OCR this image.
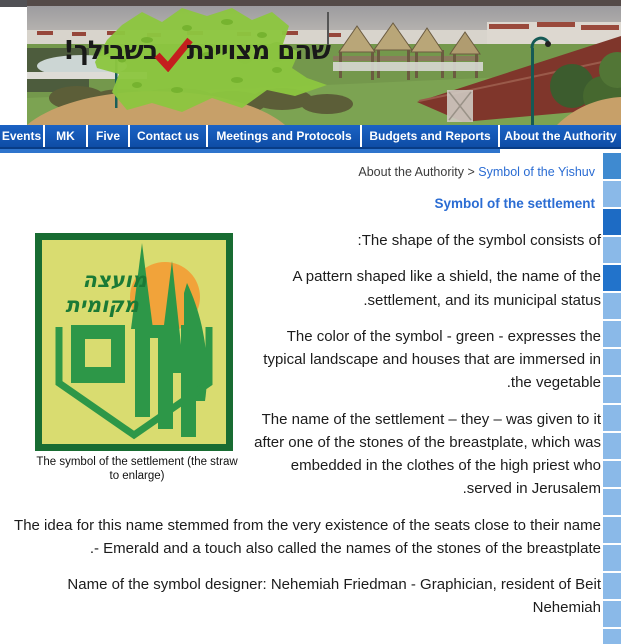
שהם מצויינתבשבילך!
Events	MK	Five	Contact us	Meetings and Protocols	Budgets and Reports	About the Authority
About the Authority > Symbol of the Yishuv
Symbol of the settlement
מועצה
מקומית
The symbol of the settlement (the straw to enlarge)

The shape of the symbol consists of:

A pattern shaped like a shield, the name of the settlement, and its municipal status.

The color of the symbol - green - expresses the typical landscape and houses that are immersed in the vegetable.

The name of the settlement – they – was given to it after one of the stones of the breastplate, which was embedded in the clothes of the high priest who served in Jerusalem.

The idea for this name stemmed from the very existence of the seats close to their name - Emerald and a touch also called the names of the stones of the breastplate.

Name of the symbol designer: Nehemiah Friedman - Graphician, resident of Beit Nehemiah
